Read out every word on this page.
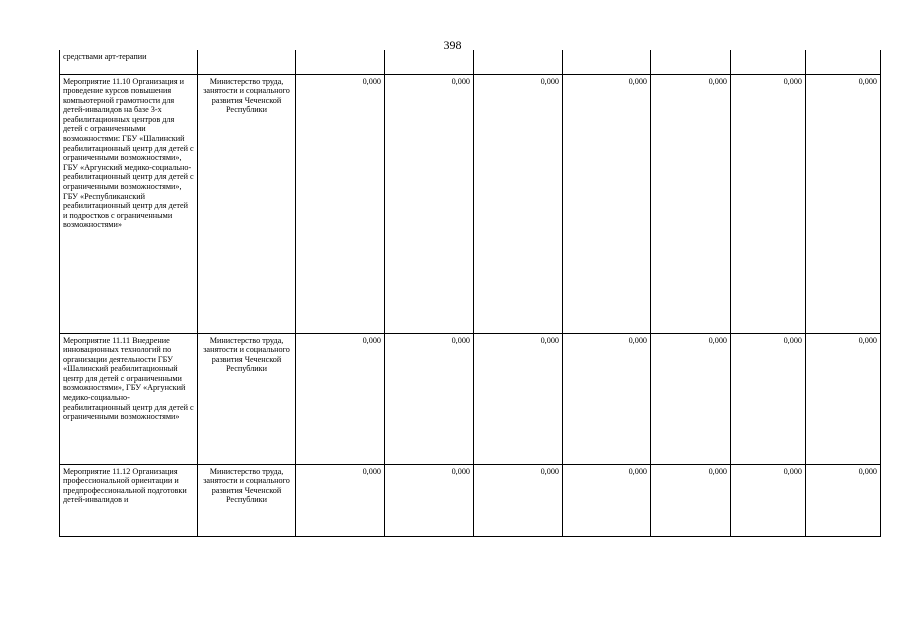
398
средствами арт-терапии								
Мероприятие 11.10 Организация и проведение курсов повышения компьютерной грамотности для детей-инвалидов на базе 3-х реабилитационных центров для детей с ограниченными возможностями: ГБУ «Шалинский реабилитационный центр для детей с ограниченными возможностями», ГБУ «Аргунский медико-социально-реабилитационный центр для детей с ограниченными возможностями», ГБУ «Республиканский реабилитационный центр для детей и подростков с ограниченными возможностями»	Министерство труда, занятости и социального развития Чеченской Республики	0,000	0,000	0,000	0,000	0,000	0,000	0,000
Мероприятие 11.11 Внедрение инновационных технологий по организации деятельности ГБУ «Шалинский реабилитационный центр для детей с ограниченными возможностями», ГБУ «Аргунский медико-социально-реабилитационный центр для детей с ограниченными возможностями»	Министерство труда, занятости и социального развития Чеченской Республики	0,000	0,000	0,000	0,000	0,000	0,000	0,000
Мероприятие 11.12 Организация профессиональной ориентации и предпрофессиональной подготовки детей-инвалидов и	Министерство труда, занятости и социального развития Чеченской Республики	0,000	0,000	0,000	0,000	0,000	0,000	0,000
